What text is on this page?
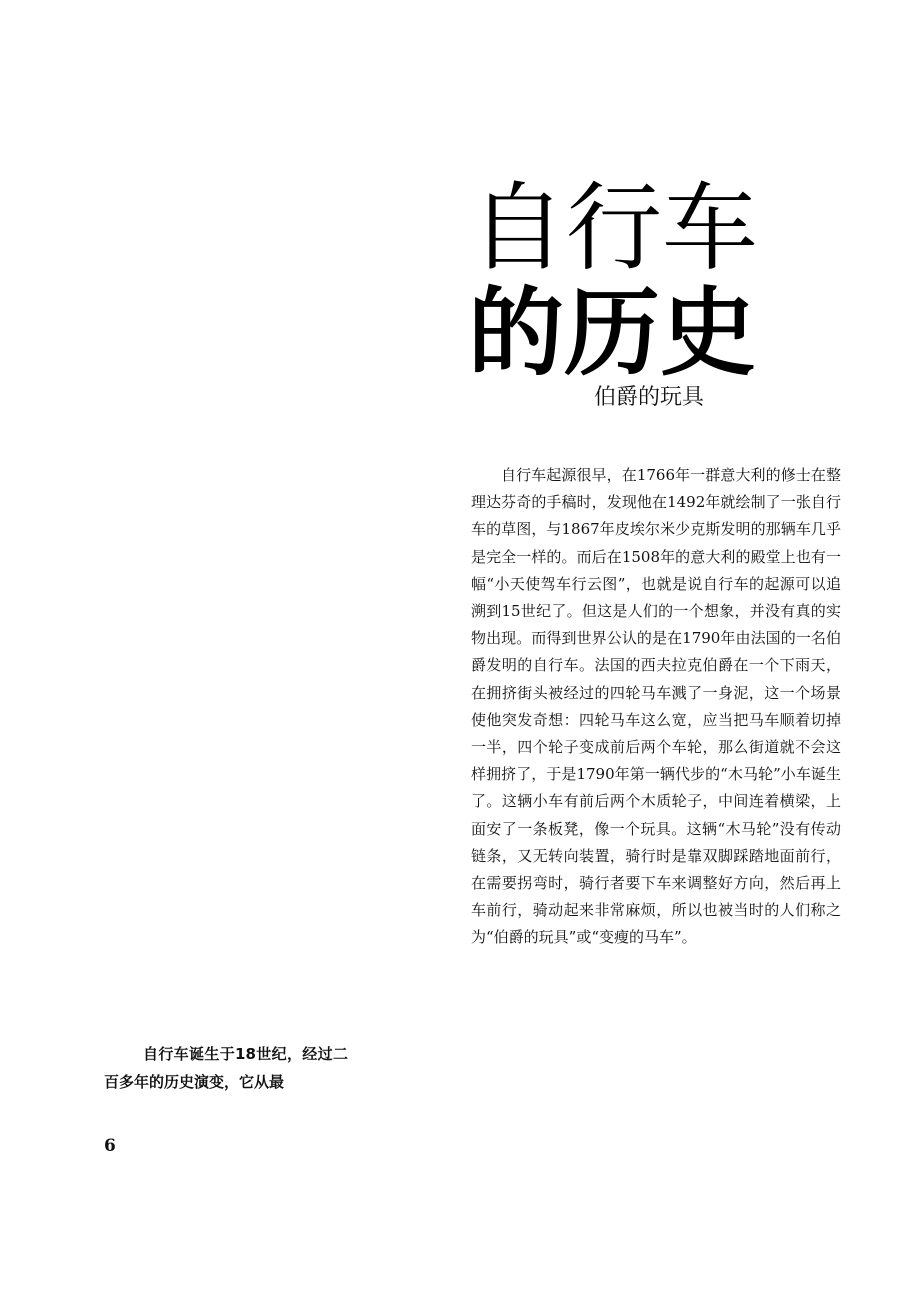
自行车
的历史
伯爵的玩具

自行车起源很早，在1766年一群意大利的修士在整理达芬奇的手稿时，发现他在1492年就绘制了一张自行车的草图，与1867年皮埃尔米少克斯发明的那辆车几乎是完全一样的。而后在1508年的意大利的殿堂上也有一幅“小天使驾车行云图”，也就是说自行车的起源可以追溯到15世纪了。但这是人们的一个想象，并没有真的实物出现。而得到世界公认的是在1790年由法国的一名伯爵发明的自行车。法国的西夫拉克伯爵在一个下雨天，在拥挤街头被经过的四轮马车溅了一身泥，这一个场景使他突发奇想：四轮马车这么宽，应当把马车顺着切掉一半，四个轮子变成前后两个车轮，那么街道就不会这样拥挤了，于是1790年第一辆代步的“木马轮”小车诞生了。这辆小车有前后两个木质轮子，中间连着横梁，上面安了一条板凳，像一个玩具。这辆“木马轮”没有传动链条，又无转向装置，骑行时是靠双脚踩踏地面前行，在需要拐弯时，骑行者要下车来调整好方向，然后再上车前行，骑动起来非常麻烦，所以也被当时的人们称之为“伯爵的玩具”或“变瘦的马车”。

自行车诞生于18世纪，经过二百多年的历史演变，它从最

6
